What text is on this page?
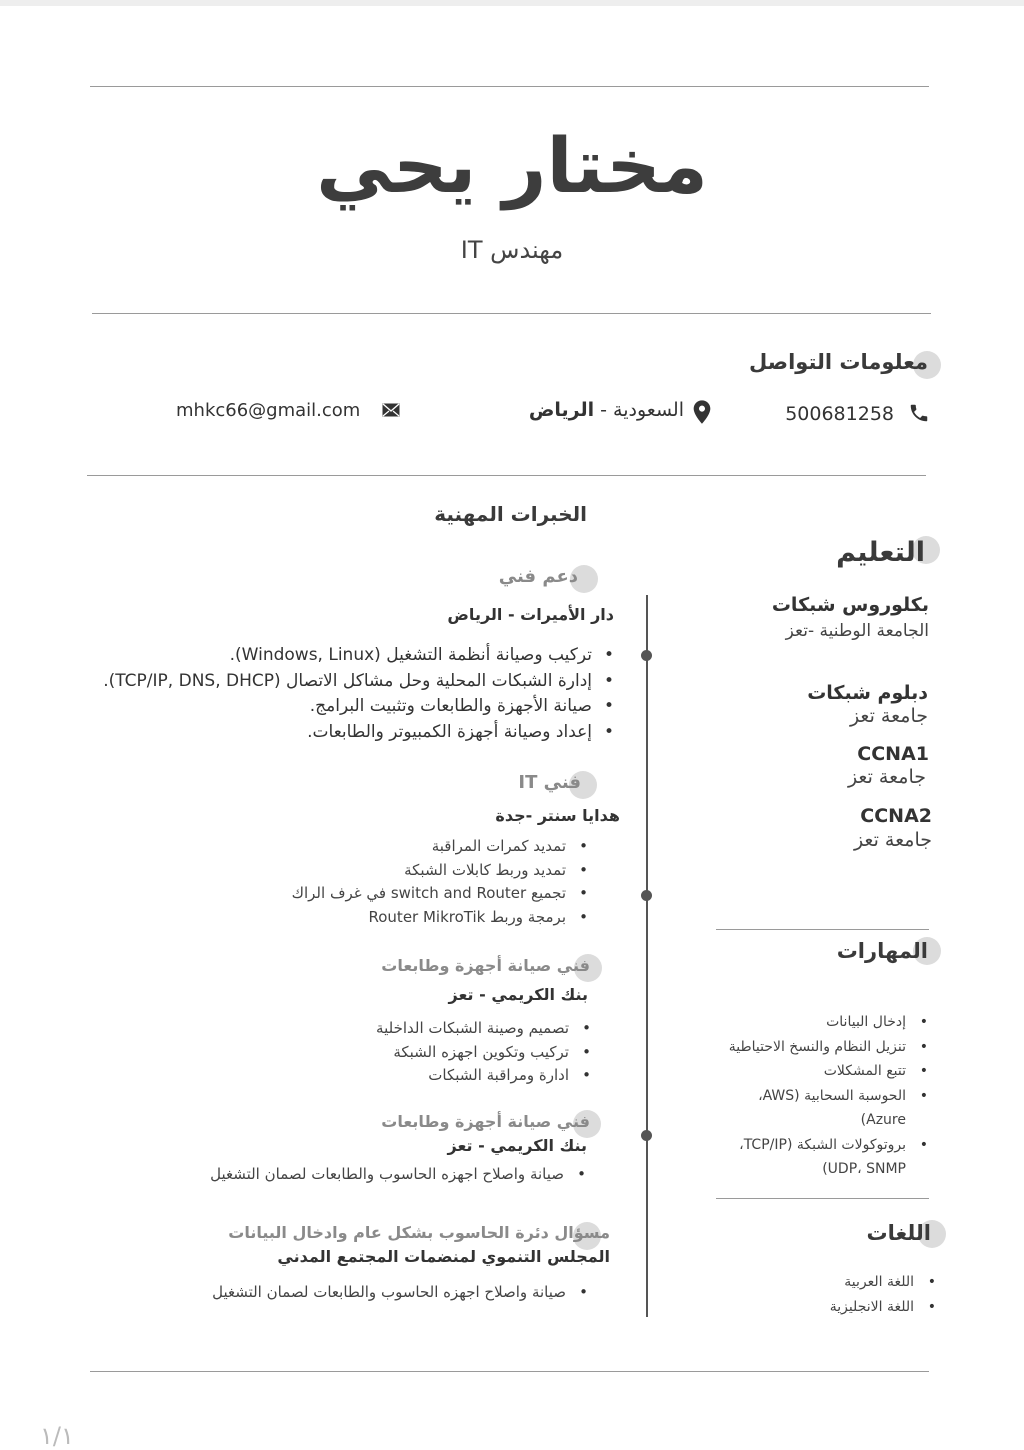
مختار يحي
مهندس IT
معلومات التواصل
500681258
السعودية - الرياض
mhkc66@gmail.com
التعليم
بكلوروس شبكات
الجامعة الوطنية -تعز
دبلوم شبكات
جامعة تعز
CCNA1
جامعة تعز
CCNA2
جامعة تعز
المهارات
• إدخال البيانات
• تنزيل النظام والنسخ الاحتياطية
• تتبع المشكلات
• الحوسبة السحابية (AWS،
Azure)
• بروتوكولات الشبكة (TCP/IP،
UDP، SNMP)
اللغات
• اللغة العربية
• اللغة الانجليزية
الخبرات المهنية
دعم فني
دار الأميرات - الرياض
• تركيب وصيانة أنظمة التشغيل (Windows, Linux).
• إدارة الشبكات المحلية وحل مشاكل الاتصال (TCP/IP, DNS, DHCP).
• صيانة الأجهزة والطابعات وتثبيت البرامج.
• إعداد وصيانة أجهزة الكمبيوتر والطابعات.
فني IT
هدايا سنتر -جدة
• تمديد كمرات المراقبة
• تمديد وربط كابلات الشبكة
• تجميع switch and Router في غرف الراك
• برمجة وربط Router MikroTik
فني صيانة أجهزة وطابعات
بنك الكريمي - تعز
• تصميم وصينة الشبكات الداخلية
• تركيب وتكوين اجهزه الشبكة
• ادارة ومراقبة الشبكات
فني صيانة أجهزة وطابعات
بنك الكريمي - تعز
• صيانة واصلاح اجهزه الحاسوب والطابعات لصمان التشغيل
مسؤال دئرة الحاسوب بشكل عام وادخال البيانات
المجلس التنموي لمنضمات المجتمع المدني
• صيانة واصلاح اجهزه الحاسوب والطابعات لصمان التشغيل
١/١
